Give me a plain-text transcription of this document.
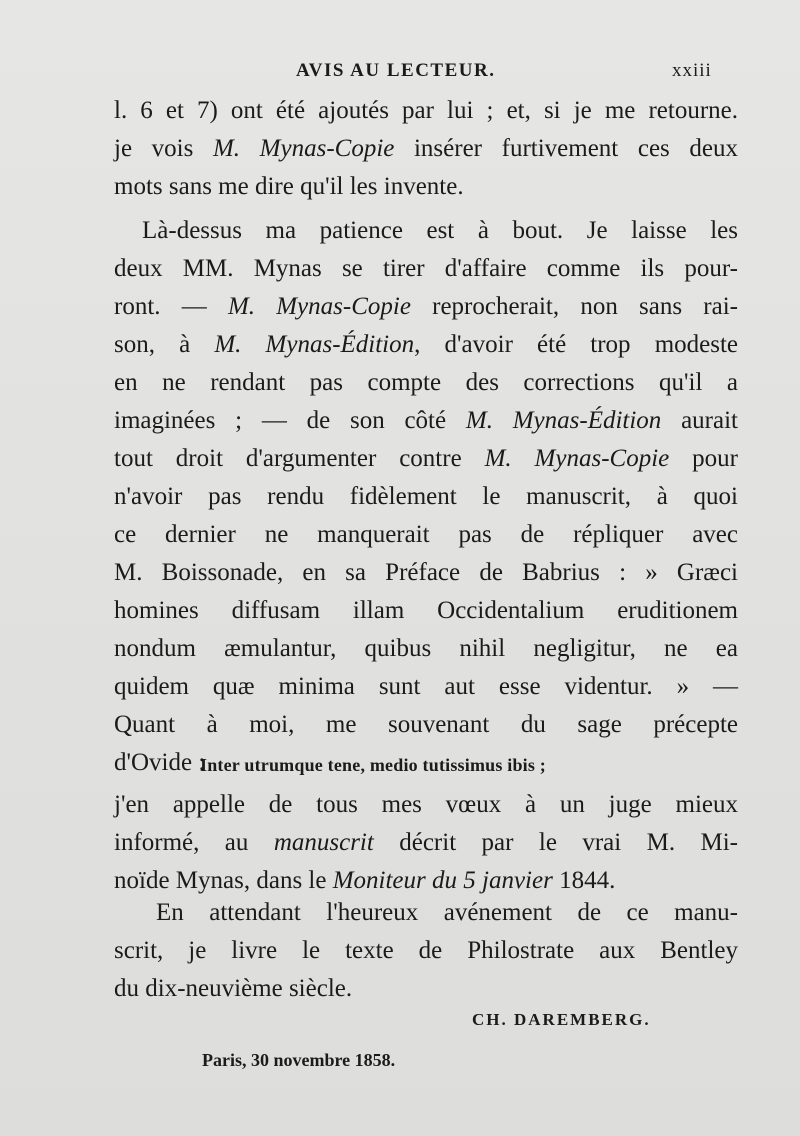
AVIS AU LECTEUR.	xxiii
l. 6 et 7) ont été ajoutés par lui ; et, si je me retourne.
je vois M. Mynas-Copie insérer furtivement ces deux
mots sans me dire qu'il les invente.
Là-dessus ma patience est à bout. Je laisse les
deux MM. Mynas se tirer d'affaire comme ils pour-
ront. — M. Mynas-Copie reprocherait, non sans rai-
son, à M. Mynas-Édition, d'avoir été trop modeste
en ne rendant pas compte des corrections qu'il a
imaginées ; — de son côté M. Mynas-Édition aurait
tout droit d'argumenter contre M. Mynas-Copie pour
n'avoir pas rendu fidèlement le manuscrit, à quoi
ce dernier ne manquerait pas de répliquer avec
M. Boissonade, en sa Préface de Babrius : » Græci
homines diffusam illam Occidentalium eruditionem
nondum æmulantur, quibus nihil negligitur, ne ea
quidem quæ minima sunt aut esse videntur. » —
Quant à moi, me souvenant du sage précepte
d'Ovide :
Inter utrumque tene, medio tutissimus ibis ;
j'en appelle de tous mes vœux à un juge mieux
informé, au manuscrit décrit par le vrai M. Mi-
noïde Mynas, dans le Moniteur du 5 janvier 1844.
En attendant l'heureux avénement de ce manu-
scrit, je livre le texte de Philostrate aux Bentley
du dix-neuvième siècle.
CH. DAREMBERG.
Paris, 30 novembre 1858.
